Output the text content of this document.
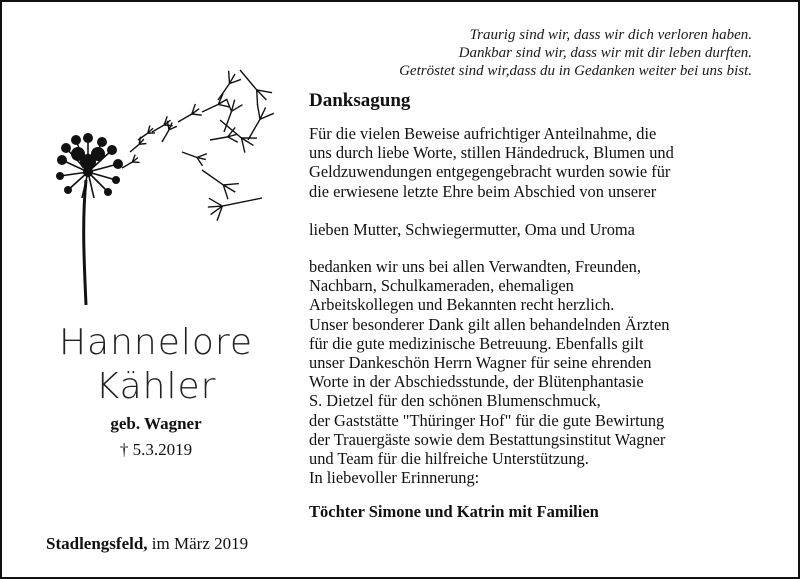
Traurig sind wir, dass wir dich verloren haben.
Dankbar sind wir, dass wir mit dir leben durften.
Getröstet sind wir,dass du in Gedanken weiter bei uns bist.
Danksagung
Für die vielen Beweise aufrichtiger Anteilnahme, die
uns durch liebe Worte, stillen Händedruck, Blumen und
Geldzuwendungen entgegengebracht wurden sowie für
die erwiesene letzte Ehre beim Abschied von unserer
lieben Mutter, Schwiegermutter, Oma und Uroma
bedanken wir uns bei allen Verwandten, Freunden,
Nachbarn, Schulkameraden, ehemaligen
Arbeitskollegen und Bekannten recht herzlich.
Unser besonderer Dank gilt allen behandelnden Ärzten
für die gute medizinische Betreuung. Ebenfalls gilt
unser Dankeschön Herrn Wagner für seine ehrenden
Worte in der Abschiedsstunde, der Blütenphantasie
S. Dietzel für den schönen Blumenschmuck,
der Gaststätte "Thüringer Hof" für die gute Bewirtung
der Trauergäste sowie dem Bestattungsinstitut Wagner
und Team für die hilfreiche Unterstützung.
In liebevoller Erinnerung:
Töchter Simone und Katrin mit Familien
Hannelore
Kähler
geb. Wagner
† 5.3.2019
Stadlengsfeld, im März 2019
